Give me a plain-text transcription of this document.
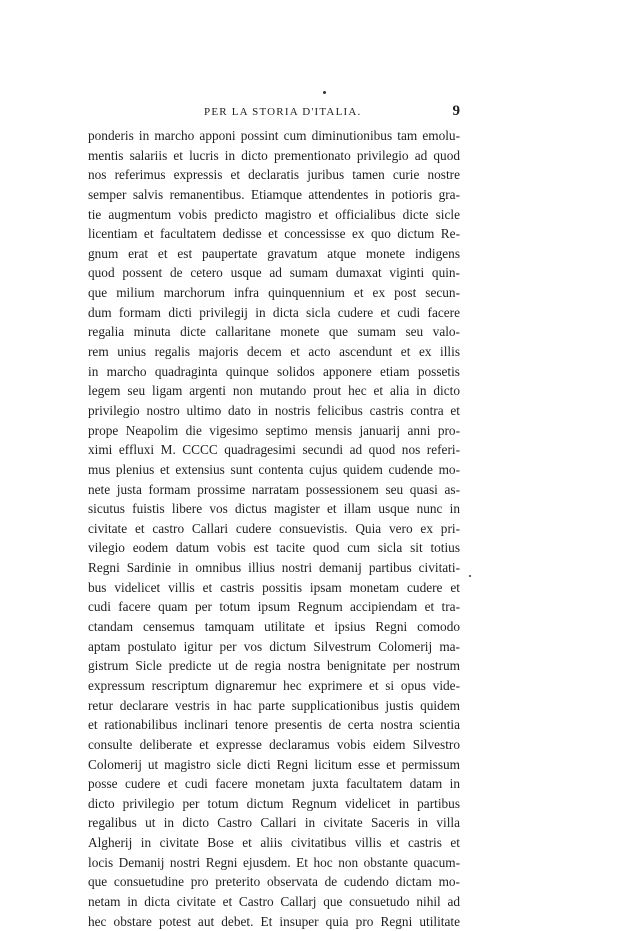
PER LA STORIA D'ITALIA.	9
ponderis in marcho apponi possint cum diminutionibus tam emolu-
mentis salariis et lucris in dicto prementionato privilegio ad quod
nos referimus expressis et declaratis juribus tamen curie nostre
semper salvis remanentibus. Etiamque attendentes in potioris gra-
tie augmentum vobis predicto magistro et officialibus dicte sicle
licentiam et facultatem dedisse et concessisse ex quo dictum Re-
gnum erat et est paupertate gravatum atque monete indigens
quod possent de cetero usque ad sumam dumaxat viginti quin-
que milium marchorum infra quinquennium et ex post secun-
dum formam dicti privilegij in dicta sicla cudere et cudi facere
regalia minuta dicte callaritane monete que sumam seu valo-
rem unius regalis majoris decem et acto ascendunt et ex illis
in marcho quadraginta quinque solidos apponere etiam possetis
legem seu ligam argenti non mutando prout hec et alia in dicto
privilegio nostro ultimo dato in nostris felicibus castris contra et
prope Neapolim die vigesimo septimo mensis januarij anni pro-
ximi effluxi M. CCCC quadragesimi secundi ad quod nos referi-
mus plenius et extensius sunt contenta cujus quidem cudende mo-
nete justa formam prossime narratam possessionem seu quasi as-
sicutus fuistis libere vos dictus magister et illam usque nunc in
civitate et castro Callari cudere consuevistis. Quia vero ex pri-
vilegio eodem datum vobis est tacite quod cum sicla sit totius
Regni Sardinie in omnibus illius nostri demanij partibus civitati-
bus videlicet villis et castris possitis ipsam monetam cudere et
cudi facere quam per totum ipsum Regnum accipiendam et tra-
ctandam censemus tamquam utilitate et ipsius Regni comodo
aptam postulato igitur per vos dictum Silvestrum Colomerij ma-
gistrum Sicle predicte ut de regia nostra benignitate per nostrum
expressum rescriptum dignaremur hec exprimere et si opus vide-
retur declarare vestris in hac parte supplicationibus justis quidem
et rationabilibus inclinari tenore presentis de certa nostra scientia
consulte deliberate et expresse declaramus vobis eidem Silvestro
Colomerij ut magistro sicle dicti Regni licitum esse et permissum
posse cudere et cudi facere monetam juxta facultatem datam in
dicto privilegio per totum dictum Regnum videlicet in partibus
regalibus ut in dicto Castro Callari in civitate Saceris in villa
Algherij in civitate Bose et aliis civitatibus villis et castris et
locis Demanij nostri Regni ejusdem. Et hoc non obstante quacum-
que consuetudine pro preterito observata de cudendo dictam mo-
netam in dicta civitate et Castro Callarj que consuetudo nihil ad
hec obstare potest aut debet. Et insuper quia pro Regni utilitate
